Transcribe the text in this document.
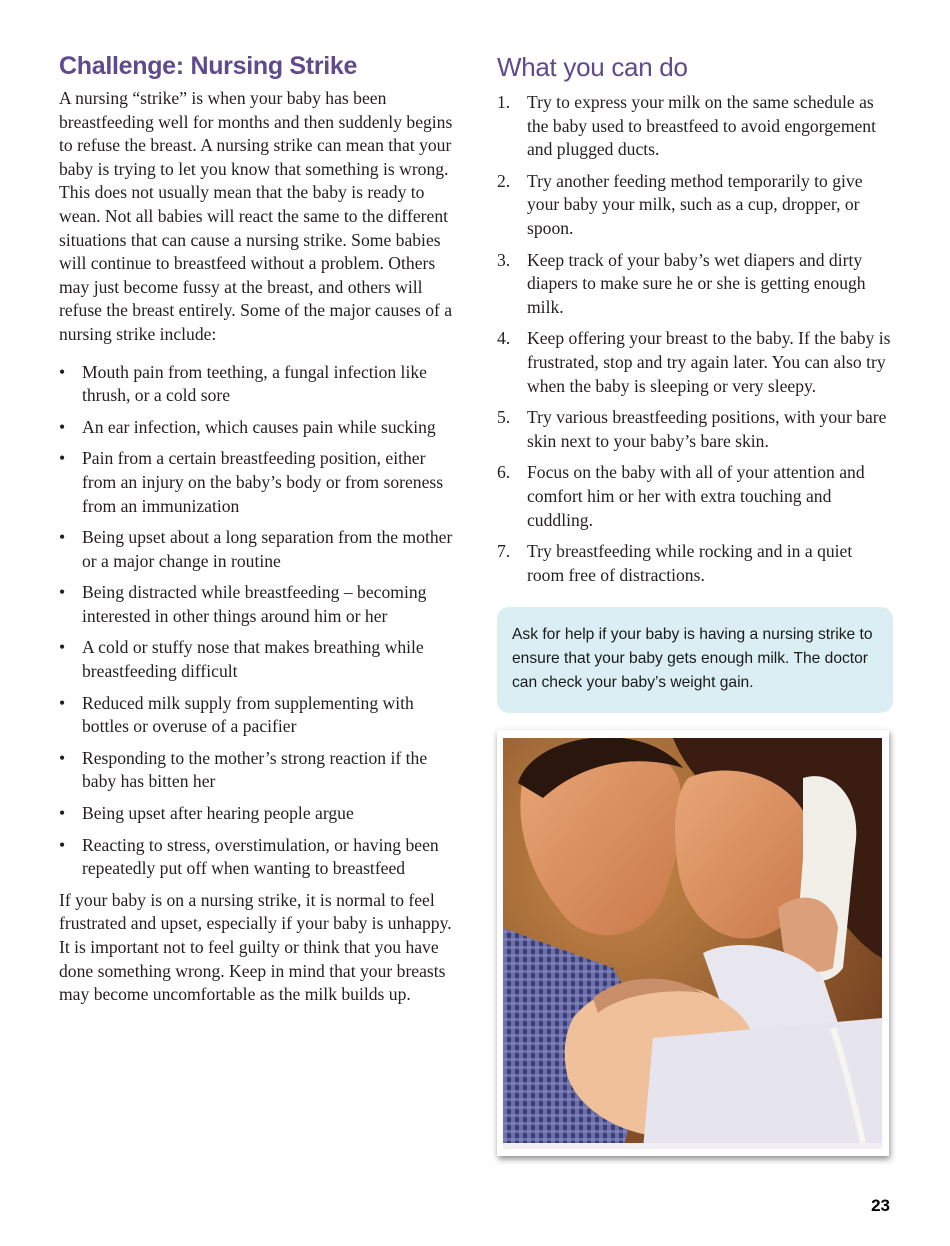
Challenge: Nursing Strike

A nursing “strike” is when your baby has been breastfeeding well for months and then suddenly begins to refuse the breast. A nursing strike can mean that your baby is trying to let you know that something is wrong. This does not usually mean that the baby is ready to wean. Not all babies will react the same to the different situations that can cause a nursing strike. Some babies will continue to breastfeed without a problem. Others may just become fussy at the breast, and others will refuse the breast entirely. Some of the major causes of a nursing strike include:

• Mouth pain from teething, a fungal infection like thrush, or a cold sore
• An ear infection, which causes pain while sucking
• Pain from a certain breastfeeding position, either from an injury on the baby’s body or from soreness from an immunization
• Being upset about a long separation from the mother or a major change in routine
• Being distracted while breastfeeding – becoming interested in other things around him or her
• A cold or stuffy nose that makes breathing while breastfeeding difficult
• Reduced milk supply from supplementing with bottles or overuse of a pacifier
• Responding to the mother’s strong reaction if the baby has bitten her
• Being upset after hearing people argue
• Reacting to stress, overstimulation, or having been repeatedly put off when wanting to breastfeed

If your baby is on a nursing strike, it is normal to feel frustrated and upset, especially if your baby is unhappy. It is important not to feel guilty or think that you have done something wrong. Keep in mind that your breasts may become uncomfortable as the milk builds up.

What you can do
1. Try to express your milk on the same schedule as the baby used to breastfeed to avoid engorgement and plugged ducts.
2. Try another feeding method temporarily to give your baby your milk, such as a cup, dropper, or spoon.
3. Keep track of your baby’s wet diapers and dirty diapers to make sure he or she is getting enough milk.
4. Keep offering your breast to the baby. If the baby is frustrated, stop and try again later. You can also try when the baby is sleeping or very sleepy.
5. Try various breastfeeding positions, with your bare skin next to your baby’s bare skin.
6. Focus on the baby with all of your attention and comfort him or her with extra touching and cuddling.
7. Try breastfeeding while rocking and in a quiet room free of distractions.
Ask for help if your baby is having a nursing strike to ensure that your baby gets enough milk. The doctor can check your baby’s weight gain.
23
